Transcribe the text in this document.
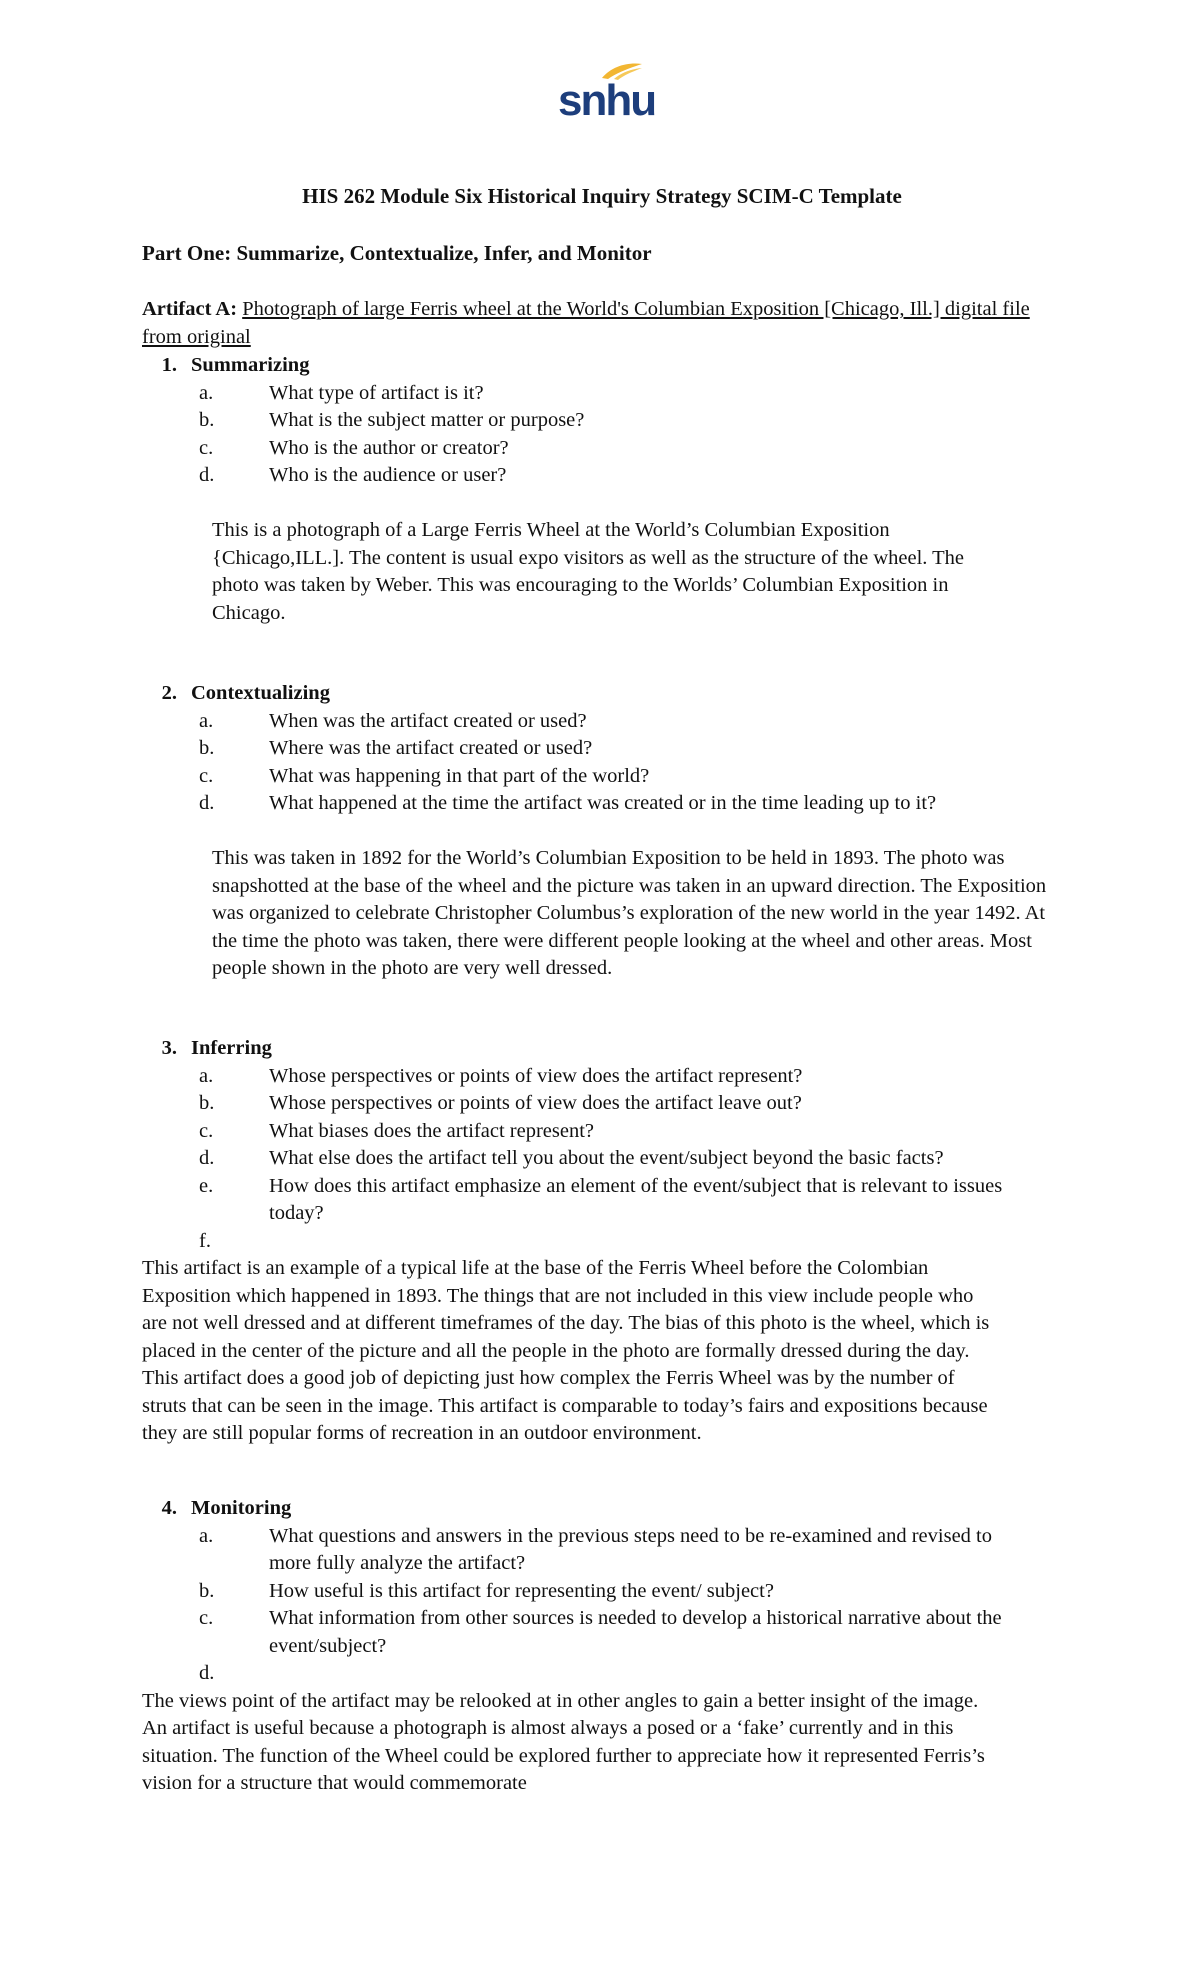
snhu
HIS 262 Module Six Historical Inquiry Strategy SCIM-C Template
Part One: Summarize, Contextualize, Infer, and Monitor
Artifact A: Photograph of large Ferris wheel at the World's Columbian Exposition [Chicago, Ill.] digital file from original
1. Summarizing
a.	What type of artifact is it?
b.	What is the subject matter or purpose?
c.	Who is the author or creator?
d.	Who is the audience or user?

This is a photograph of a Large Ferris Wheel at the World’s Columbian Exposition {Chicago,ILL.]. The content is usual expo visitors as well as the structure of the wheel. The photo was taken by Weber. This was encouraging to the Worlds’ Columbian Exposition in Chicago.

2. Contextualizing
a.	When was the artifact created or used?
b.	Where was the artifact created or used?
c.	What was happening in that part of the world?
d.	What happened at the time the artifact was created or in the time leading up to it?

This was taken in 1892 for the World’s Columbian Exposition to be held in 1893. The photo was snapshotted at the base of the wheel and the picture was taken in an upward direction. The Exposition was organized to celebrate Christopher Columbus’s exploration of the new world in the year 1492. At the time the photo was taken, there were different people looking at the wheel and other areas. Most people shown in the photo are very well dressed.

3. Inferring
a.	Whose perspectives or points of view does the artifact represent?
b.	Whose perspectives or points of view does the artifact leave out?
c.	What biases does the artifact represent?
d.	What else does the artifact tell you about the event/subject beyond the basic facts?
e.	How does this artifact emphasize an element of the event/subject that is relevant to issues today?
f.

This artifact is an example of a typical life at the base of the Ferris Wheel before the Colombian Exposition which happened in 1893. The things that are not included in this view include people who are not well dressed and at different timeframes of the day. The bias of this photo is the wheel, which is placed in the center of the picture and all the people in the photo are formally dressed during the day. This artifact does a good job of depicting just how complex the Ferris Wheel was by the number of struts that can be seen in the image. This artifact is comparable to today’s fairs and expositions because they are still popular forms of recreation in an outdoor environment.

4. Monitoring
a.	What questions and answers in the previous steps need to be re-examined and revised to more fully analyze the artifact?
b.	How useful is this artifact for representing the event/ subject?
c.	What information from other sources is needed to develop a historical narrative about the event/subject?
d.

The views point of the artifact may be relooked at in other angles to gain a better insight of the image. An artifact is useful because a photograph is almost always a posed or a ‘fake’ currently and in this situation. The function of the Wheel could be explored further to appreciate how it represented Ferris’s vision for a structure that would commemorate
